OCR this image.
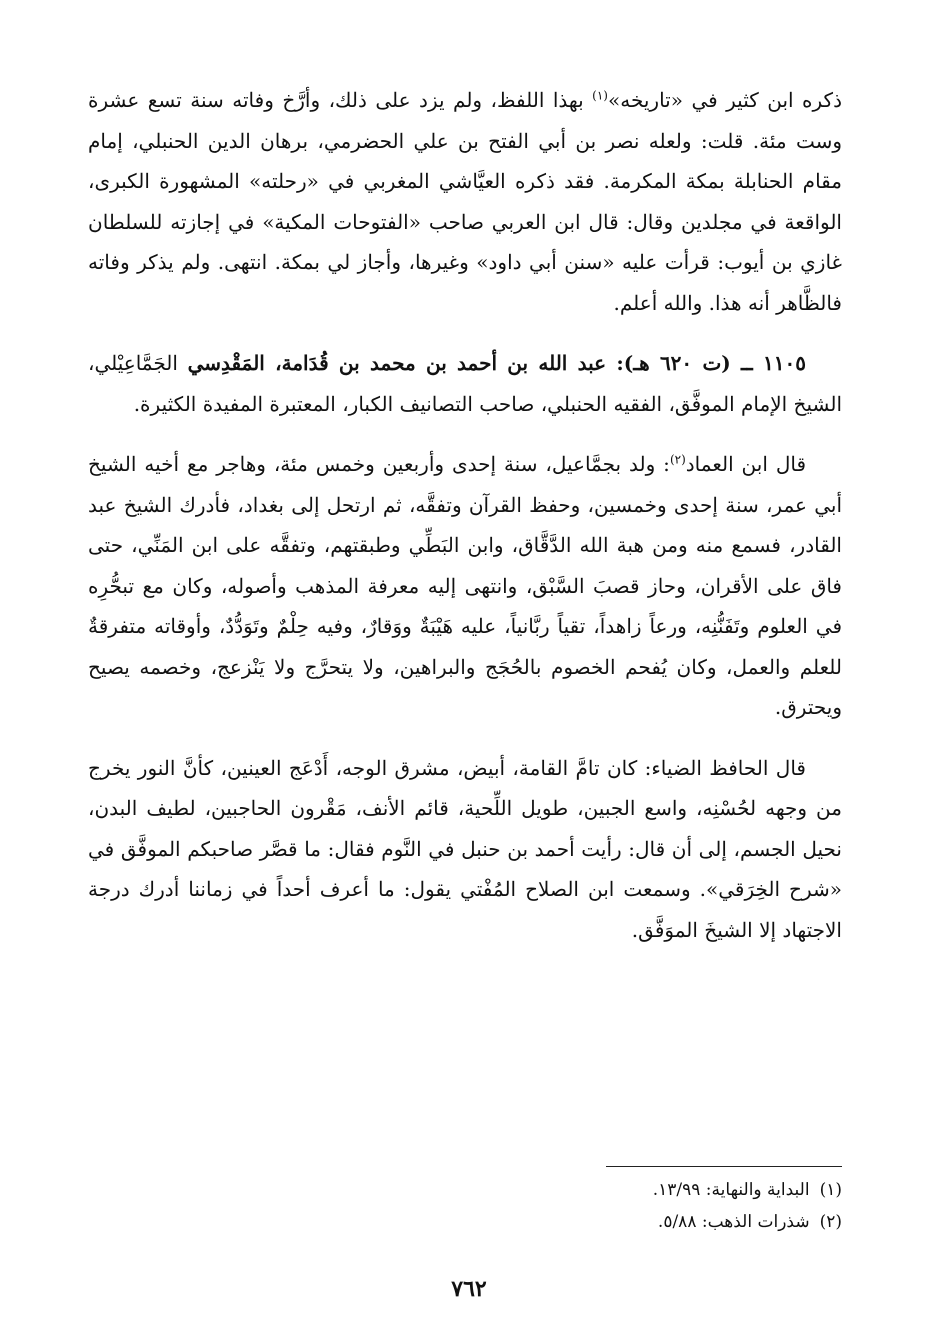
ذكره ابن كثير في «تاريخه»$^{(١)}$ بهذا اللفظ، ولم يزد على ذلك، وأرَّخ وفاته سنة تسع عشرة وست مئة. قلت: ولعله نصر بن أبي الفتح بن علي الحضرمي، برهان الدين الحنبلي، إمام مقام الحنابلة بمكة المكرمة. فقد ذكره العيَّاشي المغربي في «رحلته» المشهورة الكبرى، الواقعة في مجلدين وقال: قال ابن العربي صاحب «الفتوحات المكية» في إجازته للسلطان غازي بن أيوب: قرأت عليه «سنن أبي داود» وغيرها، وأجاز لي بمكة. انتهى. ولم يذكر وفاته فالظَّاهر أنه هذا. والله أعلم.

١١٠٥ ــ (ت ٦٢٠ هـ): عبد الله بن أحمد بن محمد بن قُدَامة، المَقْدِسي الجَمَّاعِيْلي، الشيخ الإمام الموفَّق، الفقيه الحنبلي، صاحب التصانيف الكبار، المعتبرة المفيدة الكثيرة.

قال ابن العماد$^{(٢)}$: ولد بجمَّاعيل، سنة إحدى وأربعين وخمس مئة، وهاجر مع أخيه الشيخ أبي عمر، سنة إحدى وخمسين، وحفظ القرآن وتفقَّه، ثم ارتحل إلى بغداد، فأدرك الشيخ عبد القادر، فسمع منه ومن هبة الله الدَّقَّاق، وابن البَطِّي وطبقتهم، وتفقَّه على ابن المَنِّي، حتى فاق على الأقران، وحاز قصبَ السَّبْق، وانتهى إليه معرفة المذهب وأصوله، وكان مع تبحُّرِه في العلوم وتَفَنُّنِه، ورعاً زاهداً، تقياً ربَّانياً، عليه هَيْبَةٌ ووَقارٌ، وفيه حِلْمٌ وتَوَدُّدٌ، وأوقاته متفرقةٌ للعلم والعمل، وكان يُفحم الخصوم بالحُجَج والبراهين، ولا يتحرَّج ولا يَنْزعج، وخصمه يصيح ويحترق.

قال الحافظ الضياء: كان تامَّ القامة، أبيض، مشرق الوجه، أَدْعَج العينين، كأنَّ النور يخرج من وجهه لحُسْنِه، واسع الجبين، طويل اللِّحية، قائم الأنف، مَقْرون الحاجبين، لطيف البدن، نحيل الجسم، إلى أن قال: رأيت أحمد بن حنبل في النَّوم فقال: ما قصَّر صاحبكم الموفَّق في «شرح الخِرَقي». وسمعت ابن الصلاح المُفْتي يقول: ما أعرف أحداً في زماننا أدرك درجة الاجتهاد إلا الشيخَ الموَفَّق.

(١)البداية والنهاية: ١٣/٩٩.
(٢)شذرات الذهب: ٥/٨٨.
٧٦٢
